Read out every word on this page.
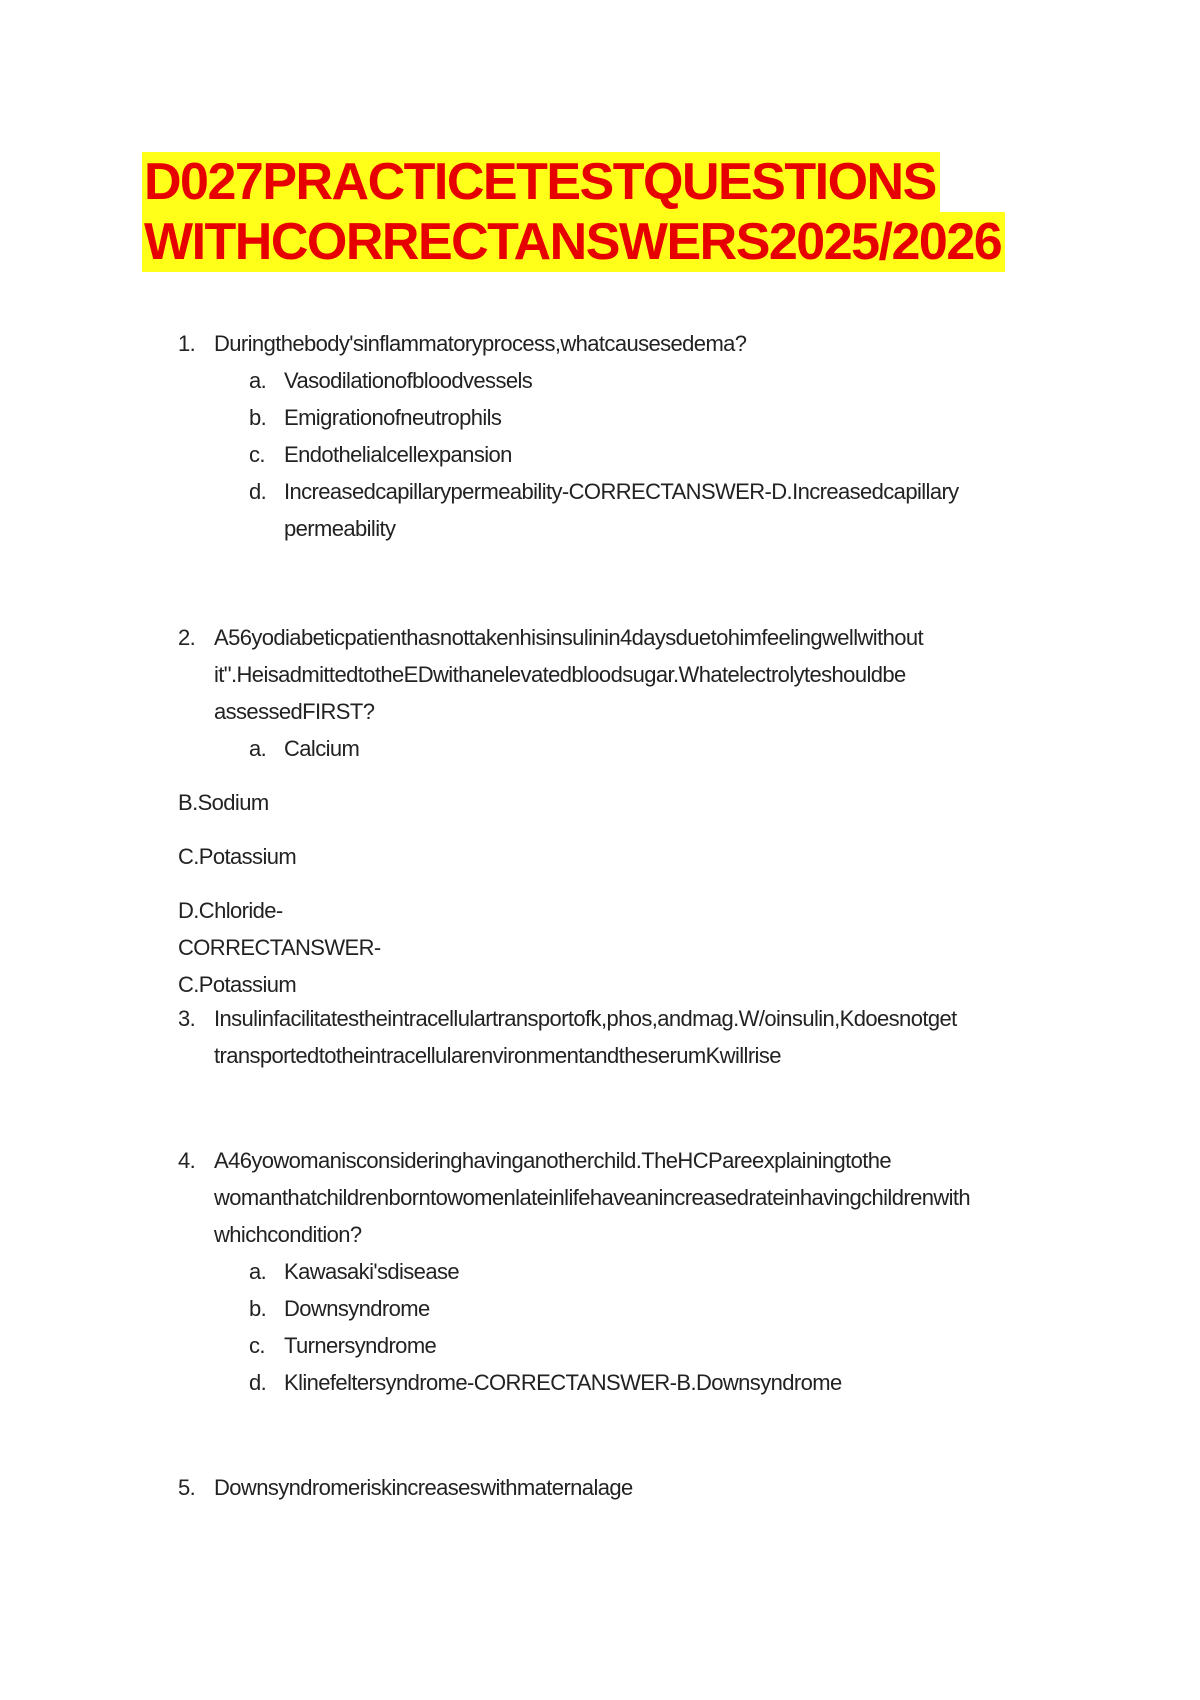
D027PRACTICETESTQUESTIONS
WITHCORRECTANSWERS2025/2026
1. Duringthebody'sinflammatoryprocess,whatcausesedema?
a. Vasodilationofbloodvessels
b. Emigrationofneutrophils
c. Endothelialcellexpansion
d. Increasedcapillarypermeability-CORRECTANSWER-D.Increasedcapillary
permeability
2. A56yodiabeticpatienthasnottakenhisinsulinin4daysduetohimfeelingwellwithout
it".HeisadmittedtotheEDwithanelevatedbloodsugar.Whatelectrolyteshouldbe
assessedFIRST?
a. Calcium
B.Sodium
C.Potassium
D.Chloride-CORRECTANSWER-C.Potassium
3. Insulinfacilitatestheintracellulartransportofk,phos,andmag.W/oinsulin,Kdoesnotget
transportedtotheintracellularenvironmentandtheserumKwillrise
4. A46yowomanisconsideringhavinganotherchild.TheHCPareexplainingtothe
womanthatchildrenborntowomenlateinlifehaveanincreasedrateinhavingchildrenwith
whichcondition?
a. Kawasaki'sdisease
b. Downsyndrome
c. Turnersyndrome
d. Klinefeltersyndrome-CORRECTANSWER-B.Downsyndrome
5. Downsyndromeriskincreaseswithmaternalage
